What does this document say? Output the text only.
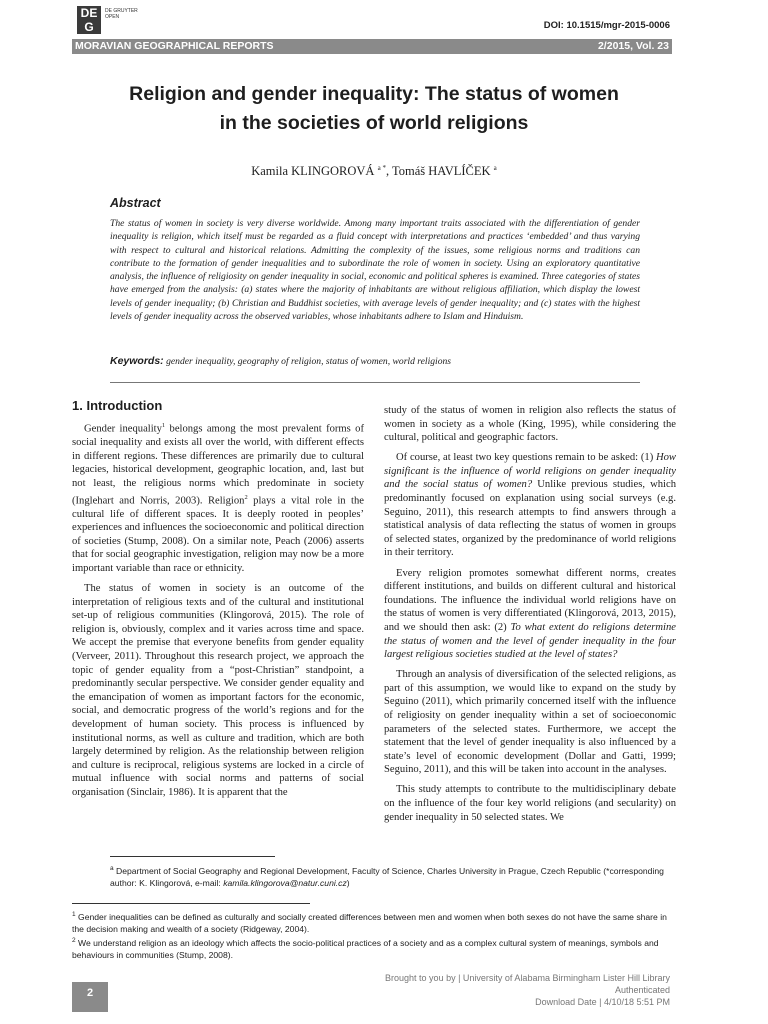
DE G
DE GRUYTER OPEN
DOI: 10.1515/mgr-2015-0006
MORAVIAN GEOGRAPHICAL REPORTS	2/2015, Vol. 23
Religion and gender inequality: The status of women
in the societies of world religions
Kamila KLINGOROVÁ $^{a *}$, Tomáš HAVLÍČEK $^a$
Abstract
The status of women in society is very diverse worldwide. Among many important traits associated with the differentiation of gender inequality is religion, which itself must be regarded as a fluid concept with interpretations and practices ‘embedded’ and thus varying with respect to cultural and historical relations. Admitting the complexity of the issues, some religious norms and traditions can contribute to the formation of gender inequalities and to subordinate the role of women in society. Using an exploratory quantitative analysis, the influence of religiosity on gender inequality in social, economic and political spheres is examined. Three categories of states have emerged from the analysis: (a) states where the majority of inhabitants are without religious affiliation, which display the lowest levels of gender inequality; (b) Christian and Buddhist societies, with average levels of gender inequality; and (c) states with the highest levels of gender inequality across the observed variables, whose inhabitants adhere to Islam and Hinduism.
Keywords: gender inequality, geography of religion, status of women, world religions
1. Introduction

Gender inequality$^1$ belongs among the most prevalent forms of social inequality and exists all over the world, with different effects in different regions. These differences are primarily due to cultural legacies, historical development, geographic location, and, last but not least, the religious norms which predominate in society (Inglehart and Norris, 2003). Religion$^2$ plays a vital role in the cultural life of different spaces. It is deeply rooted in peoples’ experiences and influences the socioeconomic and political direction of societies (Stump, 2008). On a similar note, Peach (2006) asserts that for social geographic investigation, religion may now be a more important variable than race or ethnicity.

The status of women in society is an outcome of the interpretation of religious texts and of the cultural and institutional set-up of religious communities (Klingorová, 2015). The role of religion is, obviously, complex and it varies across time and space. We accept the premise that everyone benefits from gender equality (Verveer, 2011). Throughout this research project, we approach the topic of gender equality from a “post-Christian” standpoint, a predominantly secular perspective. We consider gender equality and the emancipation of women as important factors for the economic, social, and democratic progress of the world’s regions and for the development of human society. This process is influenced by institutional norms, as well as culture and tradition, which are both largely determined by religion. As the relationship between religion and culture is reciprocal, religious systems are locked in a circle of mutual influence with social norms and patterns of social organisation (Sinclair, 1986). It is apparent that the

study of the status of women in religion also reflects the status of women in society as a whole (King, 1995), while considering the cultural, political and geographic factors.

Of course, at least two key questions remain to be asked: (1) How significant is the influence of world religions on gender inequality and the social status of women? Unlike previous studies, which predominantly focused on explanation using social surveys (e.g. Seguino, 2011), this research attempts to find answers through a statistical analysis of data reflecting the status of women in groups of selected states, organized by the predominance of world religions in their territory.

Every religion promotes somewhat different norms, creates different institutions, and builds on different cultural and historical foundations. The influence the individual world religions have on the status of women is very differentiated (Klingorová, 2013, 2015), and we should then ask: (2) To what extent do religions determine the status of women and the level of gender inequality in the four largest religious societies studied at the level of states?

Through an analysis of diversification of the selected religions, as part of this assumption, we would like to expand on the study by Seguino (2011), which primarily concerned itself with the influence of religiosity on gender inequality within a set of socioeconomic parameters of the selected states. Furthermore, we accept the statement that the level of gender inequality is also influenced by a state’s level of economic development (Dollar and Gatti, 1999; Seguino, 2011), and this will be taken into account in the analyses.

This study attempts to contribute to the multidisciplinary debate on the influence of the four key world religions (and secularity) on gender inequality in 50 selected states. We

$^a$ Department of Social Geography and Regional Development, Faculty of Science, Charles University in Prague, Czech Republic (*corresponding author: K. Klingorová, e-mail: kamila.klingorova@natur.cuni.cz)
$^1$ Gender inequalities can be defined as culturally and socially created differences between men and women when both sexes do not have the same share in the decision making and wealth of a society (Ridgeway, 2004).
$^2$ We understand religion as an ideology which affects the socio-political practices of a society and as a complex cultural system of meanings, symbols and behaviours in communities (Stump, 2008).
2
Brought to you by | University of Alabama Birmingham Lister Hill Library
Authenticated
Download Date | 4/10/18 5:51 PM
